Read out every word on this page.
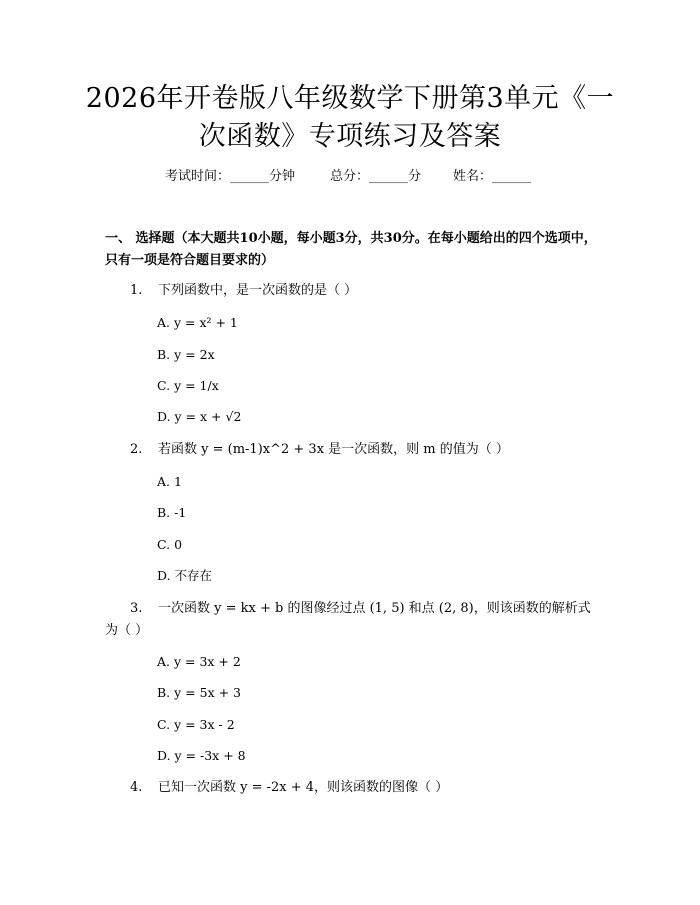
2026年开卷版八年级数学下册第3单元《一
次函数》专项练习及答案
考试时间：______分钟	总分：______分 姓名：______
一、 选择题（本大题共10小题，每小题3分，共30分。在每小题给出的四个选项中，只有一项是符合题目要求的）
1.	下列函数中，是一次函数的是（ ）
A. y = x² + 1
B. y = 2x
C. y = 1/x
D. y = x + √2
2.	若函数 y = (m-1)x^2 + 3x 是一次函数，则 m 的值为（ ）
A. 1
B. -1
C. 0
D. 不存在
3.	一次函数 y = kx + b 的图像经过点 (1, 5) 和点 (2, 8)，则该函数的解析式为（ ）
A. y = 3x + 2
B. y = 5x + 3
C. y = 3x - 2
D. y = -3x + 8
4.	已知一次函数 y = -2x + 4，则该函数的图像（ ）
